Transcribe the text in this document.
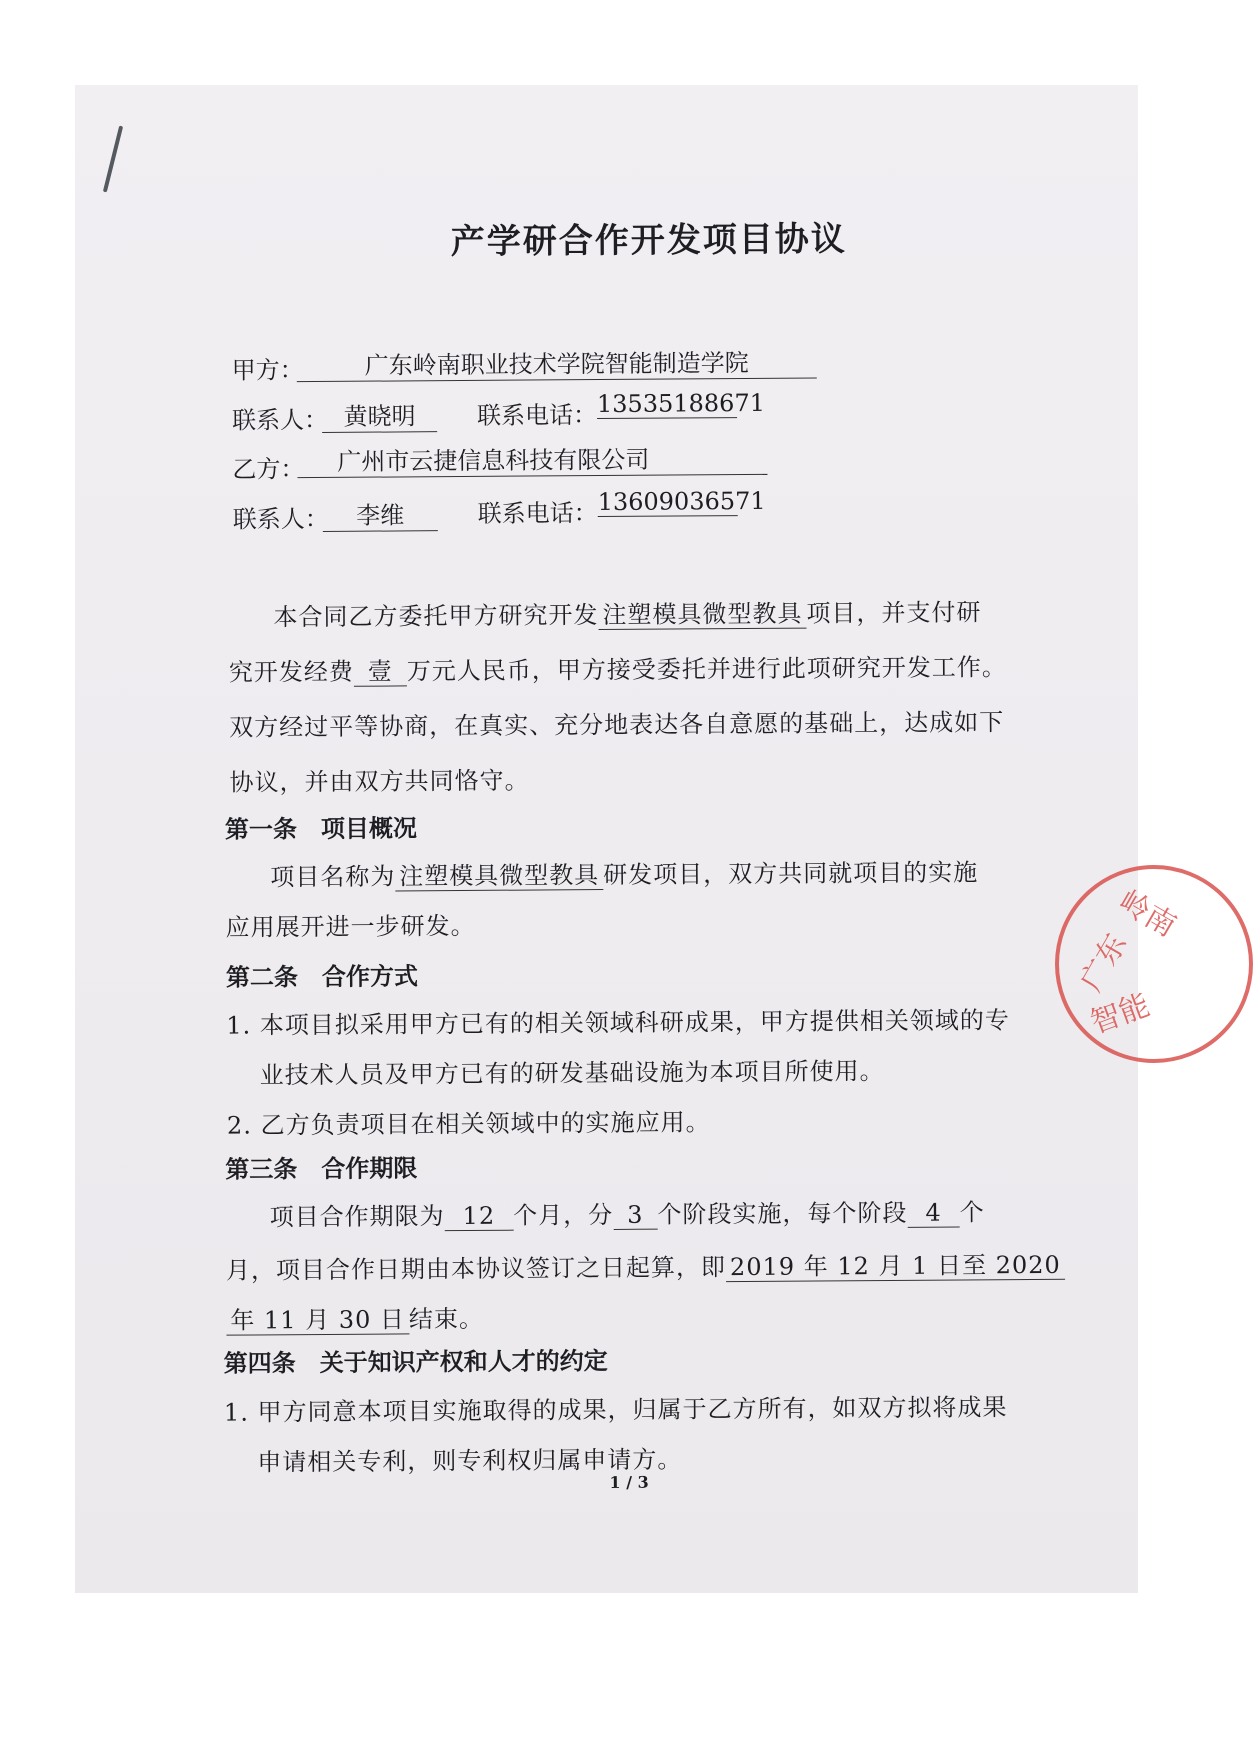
产学研合作开发项目协议
甲方：	广东岭南职业技术学院智能制造学院
联系人： 黄晓明	联系电话： 13535188671
乙方：	广州市云捷信息科技有限公司
联系人：	李维	联系电话： 13609036571
本合同乙方委托甲方研究开发 注塑模具微型教具 项目，并支付研
究开发经费 壹 万元人民币，甲方接受委托并进行此项研究开发工作。
双方经过平等协商，在真实、充分地表达各自意愿的基础上，达成如下
协议，并由双方共同恪守。
第一条　项目概况
项目名称为 注塑模具微型教具 研发项目，双方共同就项目的实施
应用展开进一步研发。
第二条　合作方式
1. 本项目拟采用甲方已有的相关领域科研成果，甲方提供相关领域的专
业技术人员及甲方已有的研发基础设施为本项目所使用。
2. 乙方负责项目在相关领域中的实施应用。
第三条　合作期限
项目合作期限为 12 个月，分 3 个阶段实施，每个阶段 4 个
月，项目合作日期由本协议签订之日起算，即 2019 年 12 月 1 日至 2020
年 11 月 30 日 结束。
第四条　关于知识产权和人才的约定
1. 甲方同意本项目实施取得的成果，归属于乙方所有，如双方拟将成果
申请相关专利，则专利权归属申请方。
1 / 3
岭南
广东
智能
